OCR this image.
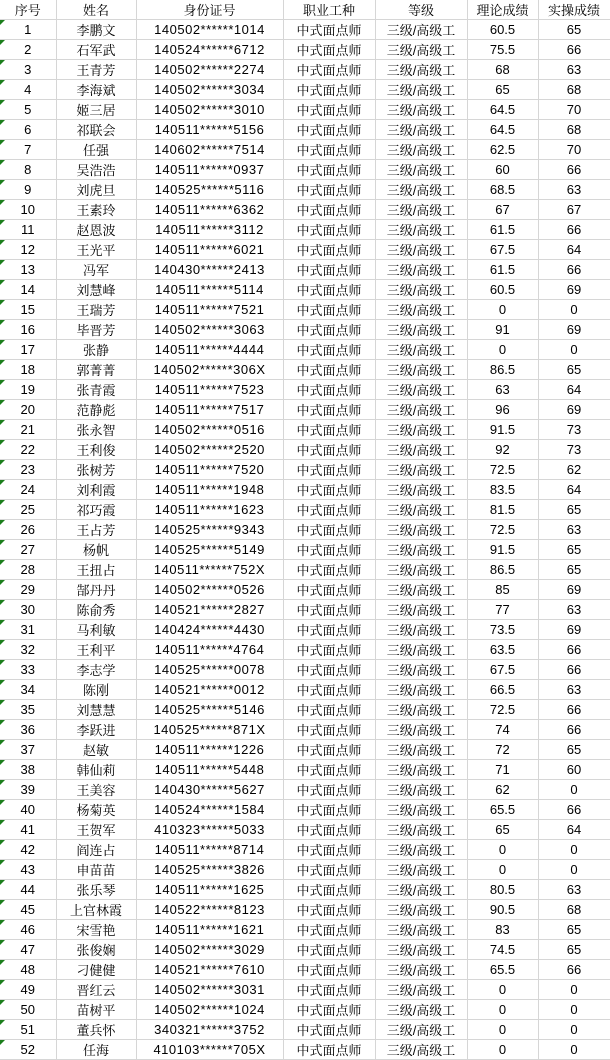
序号	姓名	身份证号	职业工种	等级	理论成绩	实操成绩

1	李鹏文	140502******1014	中式面点师	三级/高级工	60.5	65

2	石军武	140524******6712	中式面点师	三级/高级工	75.5	66

3	王青芳	140502******2274	中式面点师	三级/高级工	68	63

4	李海斌	140502******3034	中式面点师	三级/高级工	65	68

5	姬三居	140502******3010	中式面点师	三级/高级工	64.5	70

6	祁联会	140511******5156	中式面点师	三级/高级工	64.5	68

7	任强	140602******7514	中式面点师	三级/高级工	62.5	70

8	吴浩浩	140511******0937	中式面点师	三级/高级工	60	66

9	刘虎旦	140525******5116	中式面点师	三级/高级工	68.5	63

10	王素玲	140511******6362	中式面点师	三级/高级工	67	67

11	赵恩波	140511******3112	中式面点师	三级/高级工	61.5	66

12	王光平	140511******6021	中式面点师	三级/高级工	67.5	64

13	冯军	140430******2413	中式面点师	三级/高级工	61.5	66

14	刘慧峰	140511******5114	中式面点师	三级/高级工	60.5	69

15	王瑞芳	140511******7521	中式面点师	三级/高级工	0	0

16	毕晋芳	140502******3063	中式面点师	三级/高级工	91	69

17	张静	140511******4444	中式面点师	三级/高级工	0	0

18	郭菁菁	140502******306X	中式面点师	三级/高级工	86.5	65

19	张青霞	140511******7523	中式面点师	三级/高级工	63	64

20	范静彪	140511******7517	中式面点师	三级/高级工	96	69

21	张永智	140502******0516	中式面点师	三级/高级工	91.5	73

22	王利俊	140502******2520	中式面点师	三级/高级工	92	73

23	张树芳	140511******7520	中式面点师	三级/高级工	72.5	62

24	刘利霞	140511******1948	中式面点师	三级/高级工	83.5	64

25	祁巧霞	140511******1623	中式面点师	三级/高级工	81.5	65

26	王占芳	140525******9343	中式面点师	三级/高级工	72.5	63

27	杨帆	140525******5149	中式面点师	三级/高级工	91.5	65

28	王扭占	140511******752X	中式面点师	三级/高级工	86.5	65

29	郜丹丹	140502******0526	中式面点师	三级/高级工	85	69

30	陈俞秀	140521******2827	中式面点师	三级/高级工	77	63

31	马利敏	140424******4430	中式面点师	三级/高级工	73.5	69

32	王利平	140511******4764	中式面点师	三级/高级工	63.5	66

33	李志学	140525******0078	中式面点师	三级/高级工	67.5	66

34	陈刚	140521******0012	中式面点师	三级/高级工	66.5	63

35	刘慧慧	140525******5146	中式面点师	三级/高级工	72.5	66

36	李跃进	140525******871X	中式面点师	三级/高级工	74	66

37	赵敏	140511******1226	中式面点师	三级/高级工	72	65

38	韩仙莉	140511******5448	中式面点师	三级/高级工	71	60

39	王美容	140430******5627	中式面点师	三级/高级工	62	0

40	杨菊英	140524******1584	中式面点师	三级/高级工	65.5	66

41	王贺军	410323******5033	中式面点师	三级/高级工	65	64

42	阎连占	140511******8714	中式面点师	三级/高级工	0	0

43	申苗苗	140525******3826	中式面点师	三级/高级工	0	0

44	张乐琴	140511******1625	中式面点师	三级/高级工	80.5	63

45	上官林霞	140522******8123	中式面点师	三级/高级工	90.5	68

46	宋雪艳	140511******1621	中式面点师	三级/高级工	83	65

47	张俊娴	140502******3029	中式面点师	三级/高级工	74.5	65

48	刁健健	140521******7610	中式面点师	三级/高级工	65.5	66

49	晋红云	140502******3031	中式面点师	三级/高级工	0	0

50	苗树平	140502******1024	中式面点师	三级/高级工	0	0

51	董兵怀	340321******3752	中式面点师	三级/高级工	0	0

52	任海	410103******705X	中式面点师	三级/高级工	0	0
